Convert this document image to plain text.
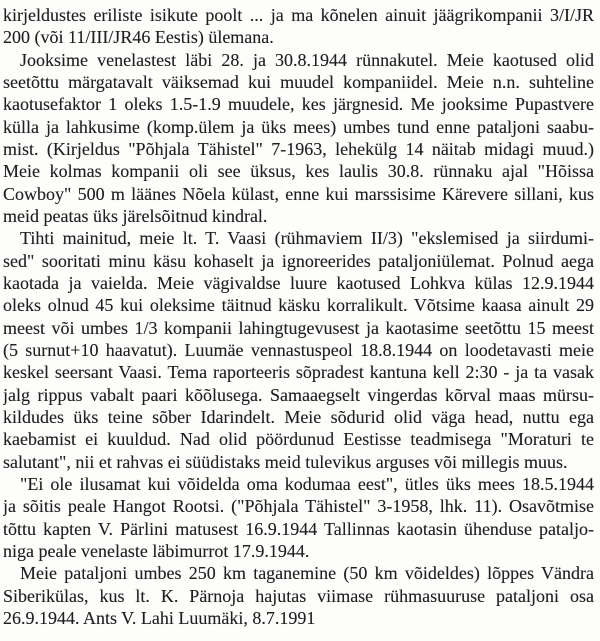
kirjeldustes eriliste isikute poolt ... ja ma kõnelen ainuit jäägrikompanii 3/I/JR
200 (või 11/III/JR46 Eestis) ülemana.
Jooksime venelastest läbi 28. ja 30.8.1944 rünnakutel. Meie kaotused olid
seetõttu märgatavalt väiksemad kui muudel kompaniidel. Meie n.n. suhteline
kaotusefaktor 1 oleks 1.5-1.9 muudele, kes järgnesid. Me jooksime Pupastvere
külla ja lahkusime (komp.ülem ja üks mees) umbes tund enne pataljoni saabu-
mist. (Kirjeldus "Põhjala Tähistel" 7-1963, lehekülg 14 näitab midagi muud.)
Meie kolmas kompanii oli see üksus, kes laulis 30.8. rünnaku ajal "Hõissa
Cowboy" 500 m läänes Nõela külast, enne kui marssisime Kärevere sillani, kus
meid peatas üks järelsõitnud kindral.
Tihti mainitud, meie lt. T. Vaasi (rühmaviem II/3) "ekslemised ja siirdumi-
sed" sooritati minu käsu kohaselt ja ignoreerides pataljoniülemat. Polnud aega
kaotada ja vaielda. Meie vägivaldse luure kaotused Lohkva külas 12.9.1944
oleks olnud 45 kui oleksime täitnud käsku korralikult. Võtsime kaasa ainult 29
meest või umbes 1/3 kompanii lahingtugevusest ja kaotasime seetõttu 15 meest
(5 surnut+10 haavatut). Luumäe vennastuspeol 18.8.1944 on loodetavasti meie
keskel seersant Vaasi. Tema raporteeris sõpradest kantuna kell 2:30 - ja ta vasak
jalg rippus vabalt paari kõõlusega. Samaaegselt vingerdas kõrval maas mürsu-
kildudes üks teine sõber Idarindelt. Meie sõdurid olid väga head, nuttu ega
kaebamist ei kuuldud. Nad olid pöördunud Eestisse teadmisega "Moraturi te
salutant", nii et rahvas ei süüdistaks meid tulevikus arguses või millegis muus.
"Ei ole ilusamat kui võidelda oma kodumaa eest", ütles üks mees 18.5.1944
ja sõitis peale Hangot Rootsi. ("Põhjala Tähistel" 3-1958, lhk. 11). Osavõtmise
tõttu kapten V. Pärlini matusest 16.9.1944 Tallinnas kaotasin ühenduse pataljo-
niga peale venelaste läbimurrot 17.9.1944.
Meie pataljoni umbes 250 km taganemine (50 km võideldes) lõppes Vändra
Siberikülas, kus lt. K. Pärnoja hajutas viimase rühmasuuruse pataljoni osa
26.9.1944. Ants V. Lahi Luumäki, 8.7.1991
